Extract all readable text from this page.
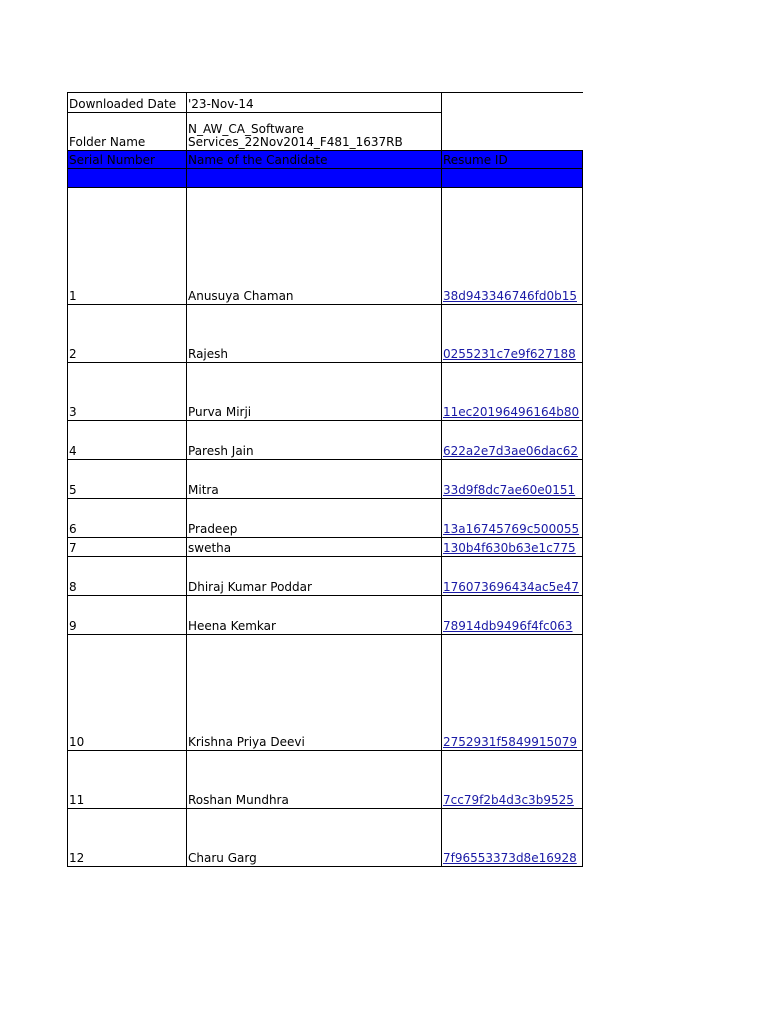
Downloaded Date	'23-Nov-14	
Folder Name	N_AW_CA_Software
Services_22Nov2014_F481_1637RB	

Serial Number	Name of the Candidate	Resume ID

1	Anusuya Chaman	38d943346746fd0b15
2	Rajesh	0255231c7e9f627188
3	Purva Mirji	11ec20196496164b80
4	Paresh Jain	622a2e7d3ae06dac62
5	Mitra	33d9f8dc7ae60e0151
6	Pradeep	13a16745769c500055
7	swetha	130b4f630b63e1c775
8	Dhiraj Kumar Poddar	176073696434ac5e47
9	Heena Kemkar	78914db9496f4fc063
10	Krishna Priya Deevi	2752931f5849915079
11	Roshan Mundhra	7cc79f2b4d3c3b9525
12	Charu Garg	7f96553373d8e16928
